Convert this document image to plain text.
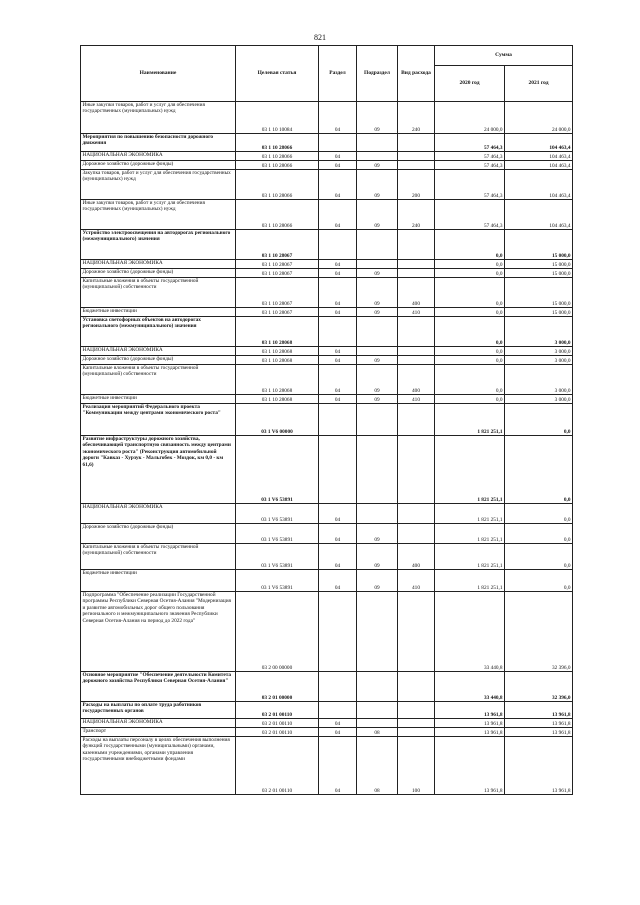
821
Наименование	Целевая статья	Раздел	Подраздел	Вид расхода	Сумма	
					2020 год	2021 год
Иные закупки товаров, работ и услуг для обеспечения государственных (муниципальных) нужд	03 1 10 10084	04	09	240	24 000,0	24 000,0
Мероприятия по повышению безопасности дорожного движения	03 1 10 28066				57 464,3	104 463,4
НАЦИОНАЛЬНАЯ ЭКОНОМИКА	03 1 10 28066	04			57 464,3	104 463,4
Дорожное хозяйство (дорожные фонды)	03 1 10 28066	04	09		57 464,3	104 463,4
Закупка товаров, работ и услуг для обеспечения государственных (муниципальных) нужд	03 1 10 28066	04	09	200	57 464,3	104 463,4
Иные закупки товаров, работ и услуг для обеспечения государственных (муниципальных) нужд	03 1 10 28066	04	09	240	57 464,3	104 463,4
Устройство электроосвещения на автодорогах регионального (межмуниципального) значения	03 1 10 28067				0,0	15 000,0
НАЦИОНАЛЬНАЯ ЭКОНОМИКА	03 1 10 28067	04			0,0	15 000,0
Дорожное хозяйство (дорожные фонды)	03 1 10 28067	04	09		0,0	15 000,0
Капитальные вложения в объекты государственной (муниципальной) собственности	03 1 10 28067	04	09	400	0,0	15 000,0
Бюджетные инвестиции	03 1 10 28067	04	09	410	0,0	15 000,0
Установка светофорных объектов на автодорогах регионального (межмуниципального) значения	03 1 10 28068				0,0	3 000,0
НАЦИОНАЛЬНАЯ ЭКОНОМИКА	03 1 10 28068	04			0,0	3 000,0
Дорожное хозяйство (дорожные фонды)	03 1 10 28068	04	09		0,0	3 000,0
Капитальные вложения в объекты государственной (муниципальной) собственности	03 1 10 28068	04	09	400	0,0	3 000,0
Бюджетные инвестиции	03 1 10 28068	04	09	410	0,0	3 000,0
Реализация мероприятий Федерального проекта "Коммуникации между центрами экономического роста"	03 1 V6 00000				1 821 251,1	0,0
Развитие инфраструктуры дорожного хозяйства, обеспечивающей транспортную связанность между центрами экономического роста" (Реконструкция автомобильной дороги "Кавказ - Хурзук - Мальгобек - Моздок, км 0,0 - км 61,6)	03 1 V6 53891				1 821 251,1	0,0
НАЦИОНАЛЬНАЯ ЭКОНОМИКА	03 1 V6 53891	04			1 821 251,1	0,0
Дорожное хозяйство (дорожные фонды)	03 1 V6 53891	04	09		1 821 251,1	0,0
Капитальные вложения в объекты государственной (муниципальной) собственности	03 1 V6 53891	04	09	400	1 821 251,1	0,0
Бюджетные инвестиции	03 1 V6 53891	04	09	410	1 821 251,1	0,0
Подпрограмма "Обеспечение реализации Государственной программы Республики Северная Осетия-Алания "Модернизация и развитие автомобильных дорог общего пользования регионального и межмуниципального значения Республики Северная Осетия-Алания на период до 2022 года"	03 2 00 00000				33 440,8	32 396,0
Основное мероприятие "Обеспечение деятельности Комитета дорожного хозяйства Республики Северная Осетия-Алания"	03 2 01 00000				33 440,8	32 396,0
Расходы на выплаты по оплате труда работников государственных органов	03 2 01 00110				13 961,8	13 961,8
НАЦИОНАЛЬНАЯ ЭКОНОМИКА	03 2 01 00110	04			13 961,8	13 961,8
Транспорт	03 2 01 00110	04	08		13 961,8	13 961,8
Расходы на выплаты персоналу в целях обеспечения выполнения функций государственными (муниципальными) органами, казенными учреждениями, органами управления государственными внебюджетными фондами	03 2 01 00110	04	08	100	13 961,8	13 961,8
